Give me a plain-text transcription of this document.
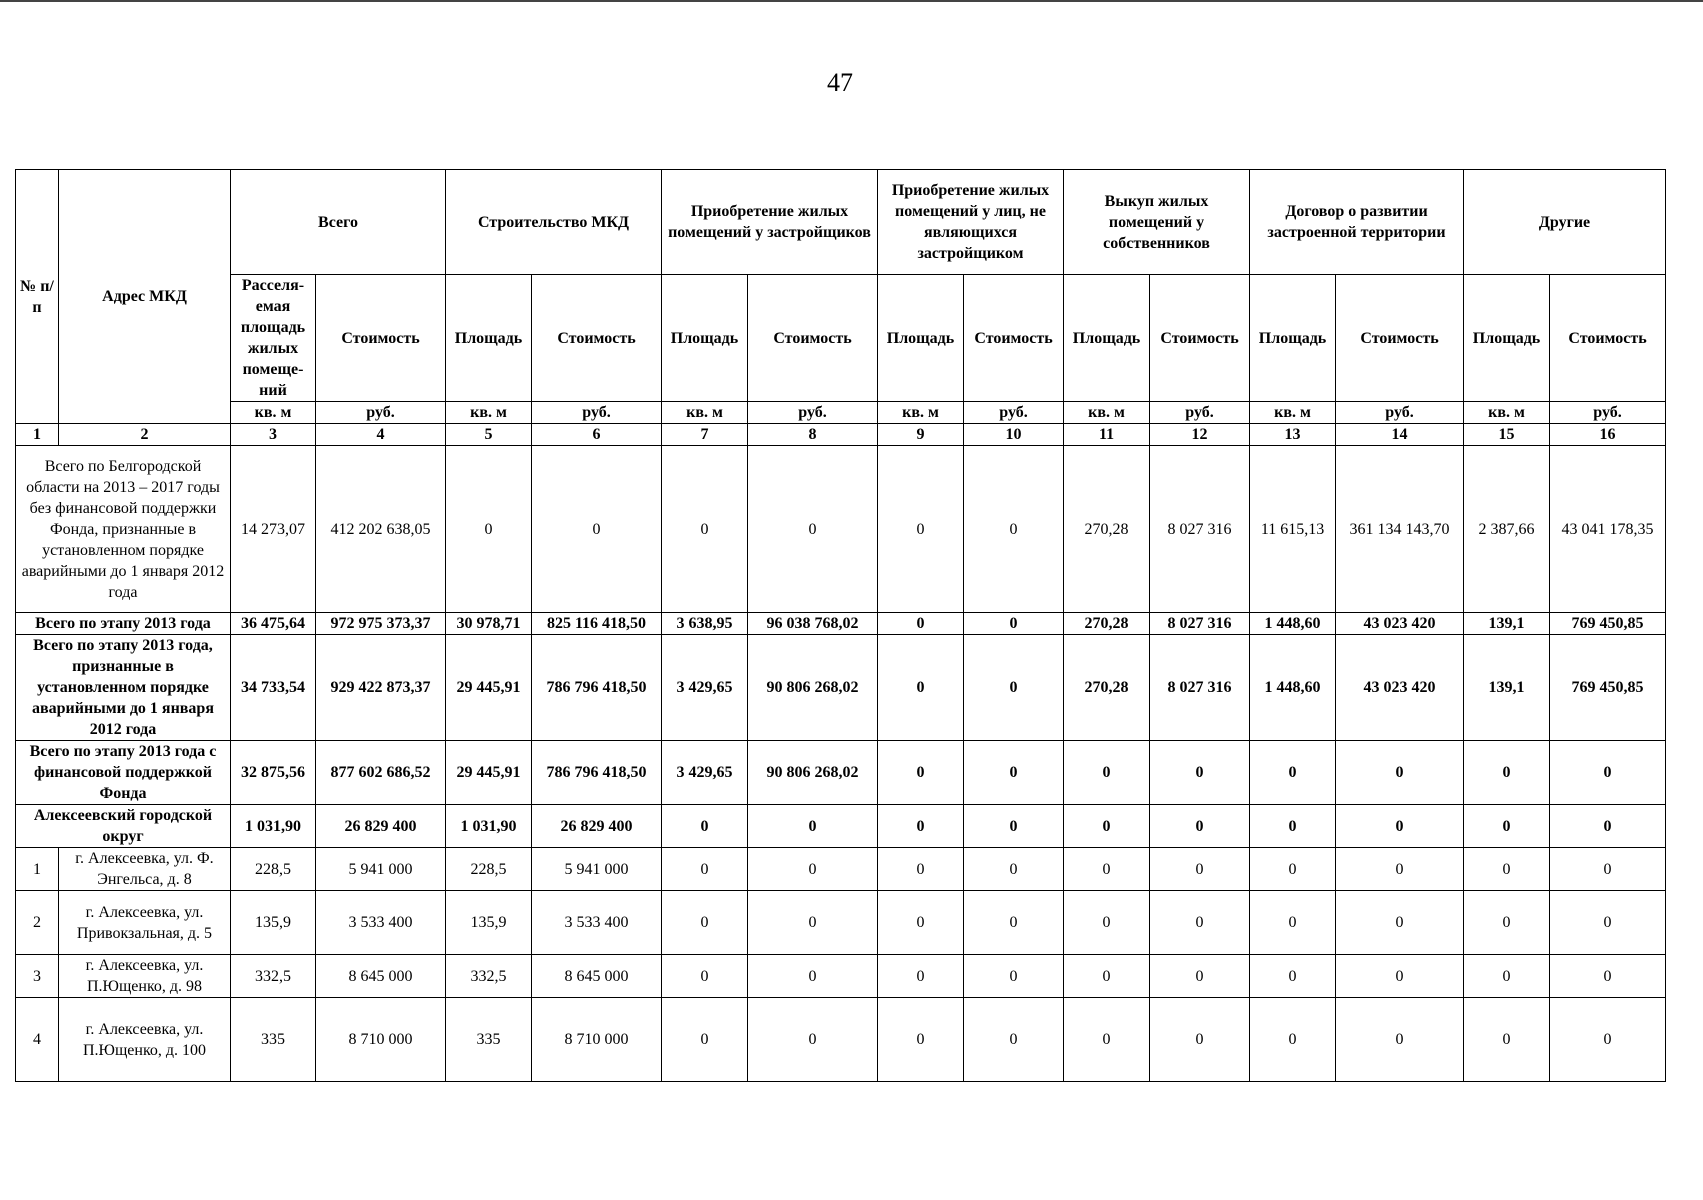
47
№ п/п	Адрес МКД	Всего		Строительство МКД		Приобретение жилых помещений у застройщиков		Приобретение жилых помещений у лиц, не являющихся застройщиком		Выкуп жилых помещений у собственников		Договор о развитии застроенной территории		Другие	
		Расселя-емая площадь жилых помеще-ний	Стоимость	Площадь	Стоимость	Площадь	Стоимость	Площадь	Стоимость	Площадь	Стоимость	Площадь	Стоимость	Площадь	Стоимость
		кв. м	руб.	кв. м	руб.	кв. м	руб.	кв. м	руб.	кв. м	руб.	кв. м	руб.	кв. м	руб.
1	2	3	4	5	6	7	8	9	10	11	12	13	14	15	16
Всего по Белгородской области на 2013 – 2017 годы без финансовой поддержки Фонда, признанные в установленном порядке аварийными до 1 января 2012 года		14 273,07	412 202 638,05	0	0	0	0	0	0	270,28	8 027 316	11 615,13	361 134 143,70	2 387,66	43 041 178,35
Всего по этапу 2013 года		36 475,64	972 975 373,37	30 978,71	825 116 418,50	3 638,95	96 038 768,02	0	0	270,28	8 027 316	1 448,60	43 023 420	139,1	769 450,85
Всего по этапу 2013 года, признанные в установленном порядке аварийными до 1 января 2012 года		34 733,54	929 422 873,37	29 445,91	786 796 418,50	3 429,65	90 806 268,02	0	0	270,28	8 027 316	1 448,60	43 023 420	139,1	769 450,85
Всего по этапу 2013 года с финансовой поддержкой Фонда		32 875,56	877 602 686,52	29 445,91	786 796 418,50	3 429,65	90 806 268,02	0	0	0	0	0	0	0	0
Алексеевский городской округ		1 031,90	26 829 400	1 031,90	26 829 400	0	0	0	0	0	0	0	0	0	0
1	г. Алексеевка, ул. Ф. Энгельса, д. 8	228,5	5 941 000	228,5	5 941 000	0	0	0	0	0	0	0	0	0	0
2	г. Алексеевка, ул. Привокзальная, д. 5	135,9	3 533 400	135,9	3 533 400	0	0	0	0	0	0	0	0	0	0
3	г. Алексеевка, ул. П.Ющенко, д. 98	332,5	8 645 000	332,5	8 645 000	0	0	0	0	0	0	0	0	0	0
4	г. Алексеевка, ул. П.Ющенко, д. 100	335	8 710 000	335	8 710 000	0	0	0	0	0	0	0	0	0	0
